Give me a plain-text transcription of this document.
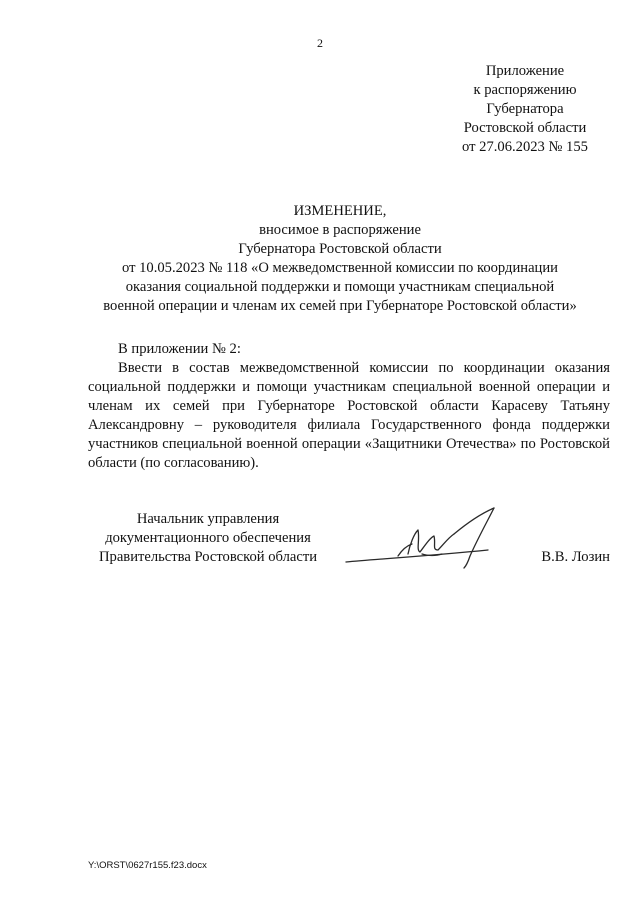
2
Приложение
к распоряжению
Губернатора
Ростовской области
от 27.06.2023 № 155
ИЗМЕНЕНИЕ,
вносимое в распоряжение
Губернатора Ростовской области
от 10.05.2023 № 118 «О межведомственной комиссии по координации
оказания социальной поддержки и помощи участникам специальной
военной операции и членам их семей при Губернаторе Ростовской области»
В приложении № 2:
Ввести в состав межведомственной комиссии по координации оказания социальной поддержки и помощи участникам специальной военной операции и членам их семей при Губернаторе Ростовской области Карасеву Татьяну Александровну – руководителя филиала Государственного фонда поддержки участников специальной военной операции «Защитники Отечества» по Ростовской области (по согласованию).
Начальник управления
документационного обеспечения
Правительства Ростовской области	В.В. Лозин
Y:\ORST\0627r155.f23.docx
